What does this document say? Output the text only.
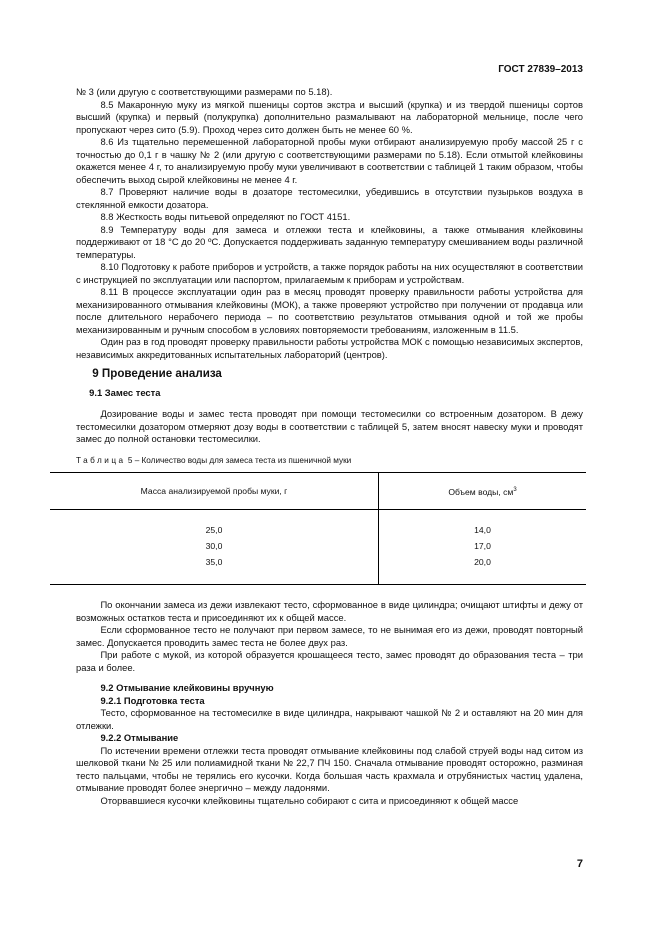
ГОСТ 27839–2013

№ 3 (или другую с соответствующими размерами по 5.18).

8.5 Макаронную муку из мягкой пшеницы сортов экстра и высший (крупка) и из твердой пшеницы сортов высший (крупка) и первый (полукрупка) дополнительно размалывают на лабораторной мельнице, после чего пропускают через сито (5.9). Проход через сито должен быть не менее 60 %.

8.6 Из тщательно перемешенной лабораторной пробы муки отбирают анализируемую пробу массой 25 г с точностью до 0,1 г в чашку № 2 (или другую с соответствующими размерами по 5.18). Если отмытой клейковины окажется менее 4 г, то анализируемую пробу муки увеличивают в соответствии с таблицей 1 таким образом, чтобы обеспечить выход сырой клейковины не менее 4 г.

8.7 Проверяют наличие воды в дозаторе тестомесилки, убедившись в отсутствии пузырьков воздуха в стеклянной емкости дозатора.

8.8 Жесткость воды питьевой определяют по ГОСТ 4151.

8.9 Температуру воды для замеса и отлежки теста и клейковины, а также отмывания клейковины поддерживают от 18 °С до 20 ºС. Допускается поддерживать заданную температуру смешиванием воды различной температуры.

8.10 Подготовку к работе приборов и устройств, а также порядок работы на них осуществляют в соответствии с инструкцией по эксплуатации или паспортом, прилагаемым к приборам и устройствам.

8.11 В процессе эксплуатации один раз в месяц проводят проверку правильности работы устройства для механизированного отмывания клейковины (МОК), а также проверяют устройство при получении от продавца или после длительного нерабочего периода – по соответствию результатов отмывания одной и той же пробы механизированным и ручным способом в условиях повторяемости требованиям, изложенным в 11.5.

Один раз в год проводят проверку правильности работы устройства МОК с помощью независимых экспертов, независимых аккредитованных испытательных лабораторий (центров).

9 Проведение анализа
9.1 Замес теста

Дозирование воды и замес теста проводят при помощи тестомесилки со встроенным дозатором. В дежу тестомесилки дозатором отмеряют дозу воды в соответствии с таблицей 5, затем вносят навеску муки и проводят замес до полной остановки тестомесилки.

Таблица 5 – Количество воды для замеса теста из пшеничной муки
Масса анализируемой пробы муки, г	Объем воды, $см^3$
25,0	14,0
30,0	17,0
35,0	20,0

По окончании замеса из дежи извлекают тесто, сформованное в виде цилиндра; очищают штифты и дежу от возможных остатков теста и присоединяют их к общей массе.

Если сформованное тесто не получают при первом замесе, то не вынимая его из дежи, проводят повторный замес. Допускается проводить замес теста не более двух раз.

При работе с мукой, из которой образуется крошащееся тесто, замес проводят до образования теста – три раза и более.

9.2 Отмывание клейковины вручную
9.2.1 Подготовка теста

Тесто, сформованное на тестомесилке в виде цилиндра, накрывают чашкой № 2 и оставляют на 20 мин для отлежки.

9.2.2 Отмывание

По истечении времени отлежки теста проводят отмывание клейковины под слабой струей воды над ситом из шелковой ткани № 25 или полиамидной ткани № 22,7 ПЧ 150. Сначала отмывание проводят осторожно, разминая тесто пальцами, чтобы не терялись его кусочки. Когда большая часть крахмала и отрубянистых частиц удалена, отмывание проводят более энергично – между ладонями.

Оторвавшиеся кусочки клейковины тщательно собирают с сита и присоединяют к общей массе

7
